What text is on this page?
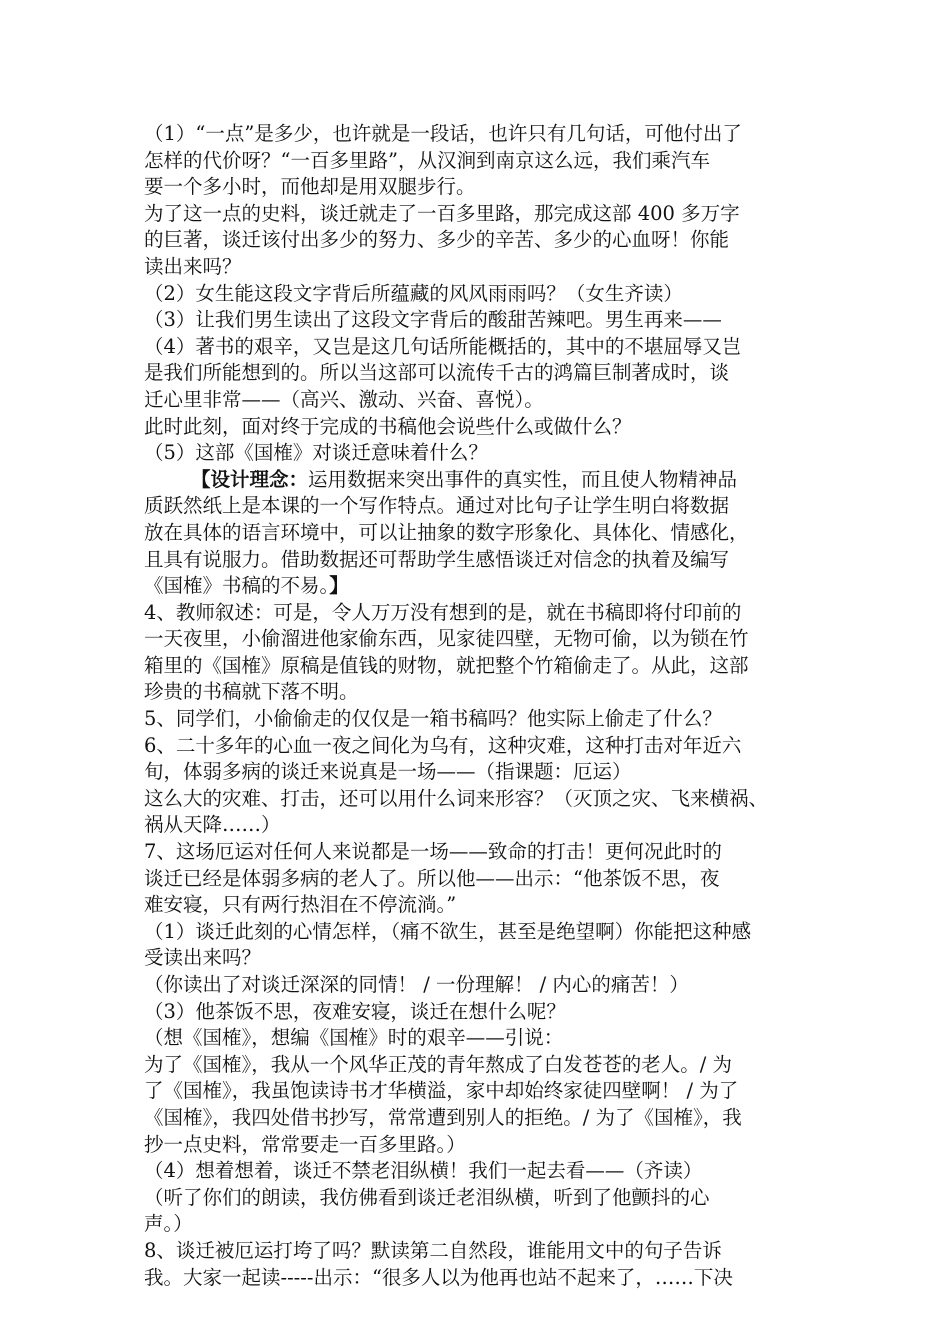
（1）“一点”是多少，也许就是一段话，也许只有几句话，可他付出了
怎样的代价呀？“一百多里路”，从汉涧到南京这么远，我们乘汽车
要一个多小时，而他却是用双腿步行。
为了这一点的史料，谈迁就走了一百多里路，那完成这部 400 多万字
的巨著，谈迁该付出多少的努力、多少的辛苦、多少的心血呀！你能
读出来吗？
（2）女生能这段文字背后所蕴藏的风风雨雨吗？（女生齐读）
（3）让我们男生读出了这段文字背后的酸甜苦辣吧。男生再来——
（4）著书的艰辛，又岂是这几句话所能概括的，其中的不堪屈辱又岂
是我们所能想到的。所以当这部可以流传千古的鸿篇巨制著成时，谈
迁心里非常——（高兴、激动、兴奋、喜悦）。
此时此刻，面对终于完成的书稿他会说些什么或做什么？
（5）这部《国榷》对谈迁意味着什么？
【设计理念：运用数据来突出事件的真实性，而且使人物精神品
质跃然纸上是本课的一个写作特点。通过对比句子让学生明白将数据
放在具体的语言环境中，可以让抽象的数字形象化、具体化、情感化，
且具有说服力。借助数据还可帮助学生感悟谈迁对信念的执着及编写
《国榷》书稿的不易。】
4、教师叙述：可是，令人万万没有想到的是，就在书稿即将付印前的
一天夜里，小偷溜进他家偷东西，见家徒四壁，无物可偷，以为锁在竹
箱里的《国榷》原稿是值钱的财物，就把整个竹箱偷走了。从此，这部
珍贵的书稿就下落不明。
5、同学们，小偷偷走的仅仅是一箱书稿吗？他实际上偷走了什么？
6、二十多年的心血一夜之间化为乌有，这种灾难，这种打击对年近六
旬，体弱多病的谈迁来说真是一场——（指课题：厄运）
这么大的灾难、打击，还可以用什么词来形容？（灭顶之灾、飞来横祸、
祸从天降……）
7、这场厄运对任何人来说都是一场——致命的打击！更何况此时的
谈迁已经是体弱多病的老人了。所以他——出示：“他茶饭不思，夜
难安寝，只有两行热泪在不停流淌。”
（1）谈迁此刻的心情怎样，（痛不欲生，甚至是绝望啊）你能把这种感
受读出来吗？
（你读出了对谈迁深深的同情！ / 一份理解！ / 内心的痛苦！）
（3）他茶饭不思，夜难安寝，谈迁在想什么呢？
（想《国榷》，想编《国榷》时的艰辛——引说：
为了《国榷》，我从一个风华正茂的青年熬成了白发苍苍的老人。/ 为
了《国榷》，我虽饱读诗书才华横溢，家中却始终家徒四壁啊！ / 为了
《国榷》，我四处借书抄写，常常遭到别人的拒绝。/ 为了《国榷》，我
抄一点史料，常常要走一百多里路。）
（4）想着想着，谈迁不禁老泪纵横！我们一起去看——（齐读）
（听了你们的朗读，我仿佛看到谈迁老泪纵横，听到了他颤抖的心
声。）
8、谈迁被厄运打垮了吗？默读第二自然段，谁能用文中的句子告诉
我。大家一起读-----出示：“很多人以为他再也站不起来了，……下决
